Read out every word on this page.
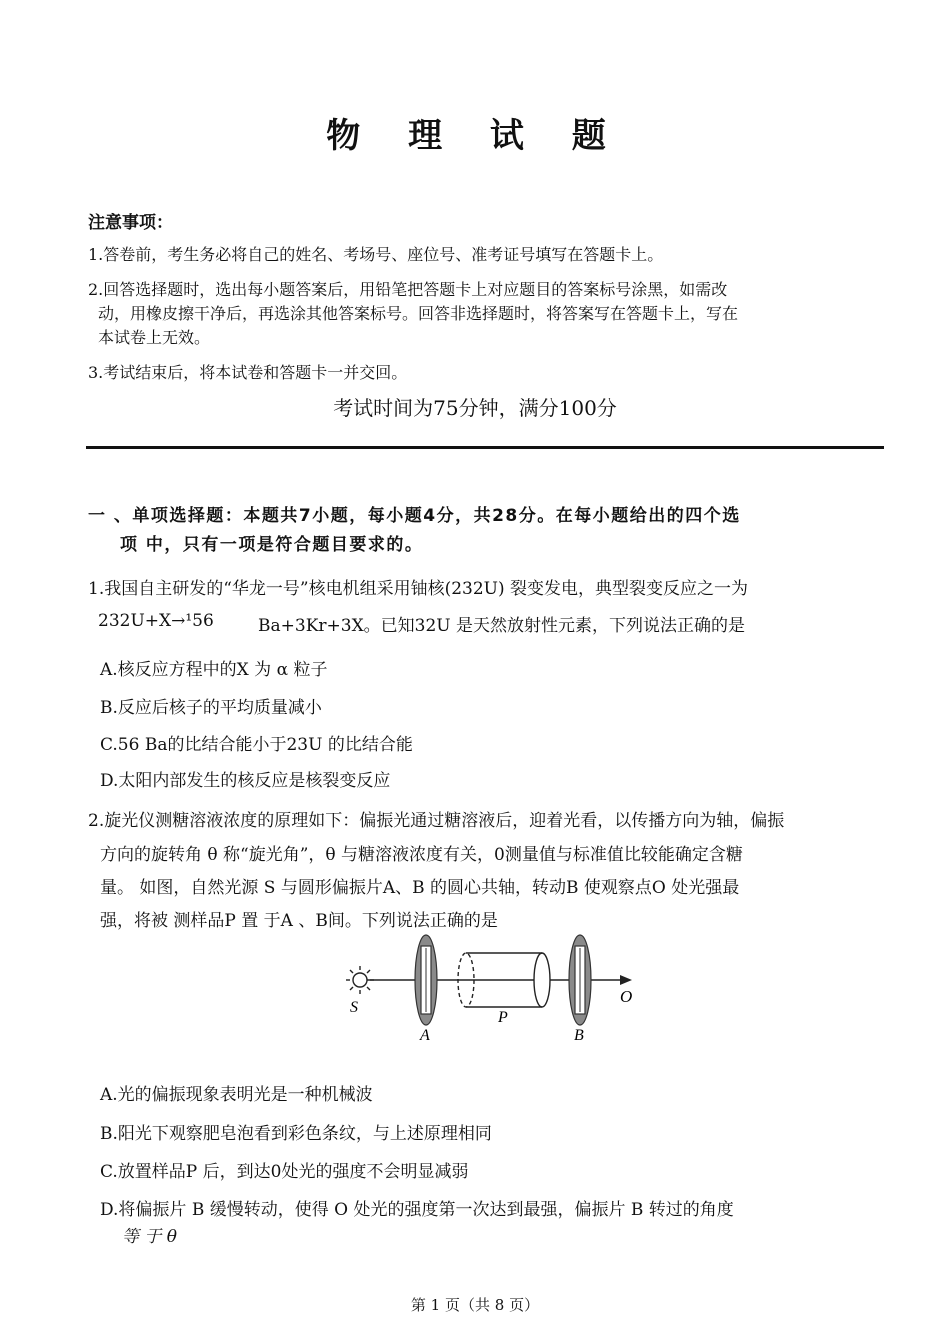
物 理 试 题
注意事项：
1.答卷前，考生务必将自己的姓名、考场号、座位号、准考证号填写在答题卡上。
2.回答选择题时，选出每小题答案后，用铅笔把答题卡上对应题目的答案标号涂黑，如需改
动，用橡皮擦干净后，再选涂其他答案标号。回答非选择题时，将答案写在答题卡上，写在
本试卷上无效。
3.考试结束后，将本试卷和答题卡一并交回。
考试时间为75分钟，满分100分
一 、单项选择题：本题共7小题，每小题4分，共28分。在每小题给出的四个选
项 中，只有一项是符合题目要求的。
1.我国自主研发的“华龙一号”核电机组采用铀核(232U) 裂变发电，典型裂变反应之一为
232U+X→¹56	Ba+3Kr+3X。已知32U 是天然放射性元素，下列说法正确的是
A.核反应方程中的X 为 α 粒子
B.反应后核子的平均质量减小
C.56 Ba的比结合能小于23U 的比结合能
D.太阳内部发生的核反应是核裂变反应
2.旋光仪测糖溶液浓度的原理如下：偏振光通过糖溶液后，迎着光看，以传播方向为轴，偏振
方向的旋转角 θ 称“旋光角”，θ 与糖溶液浓度有关，0测量值与标准值比较能确定含糖
量。 如图，自然光源 S 与圆形偏振片A、B 的圆心共轴，转动B 使观察点O 处光强最
强，将被 测样品P 置 于A 、B间。下列说法正确的是
S
A
P
B
O
A.光的偏振现象表明光是一种机械波
B.阳光下观察肥皂泡看到彩色条纹，与上述原理相同
C.放置样品P 后，到达0处光的强度不会明显减弱
D.将偏振片 B 缓慢转动，使得 O 处光的强度第一次达到最强，偏振片 B 转过的角度
等 于 θ
第 1 页（共 8 页）
